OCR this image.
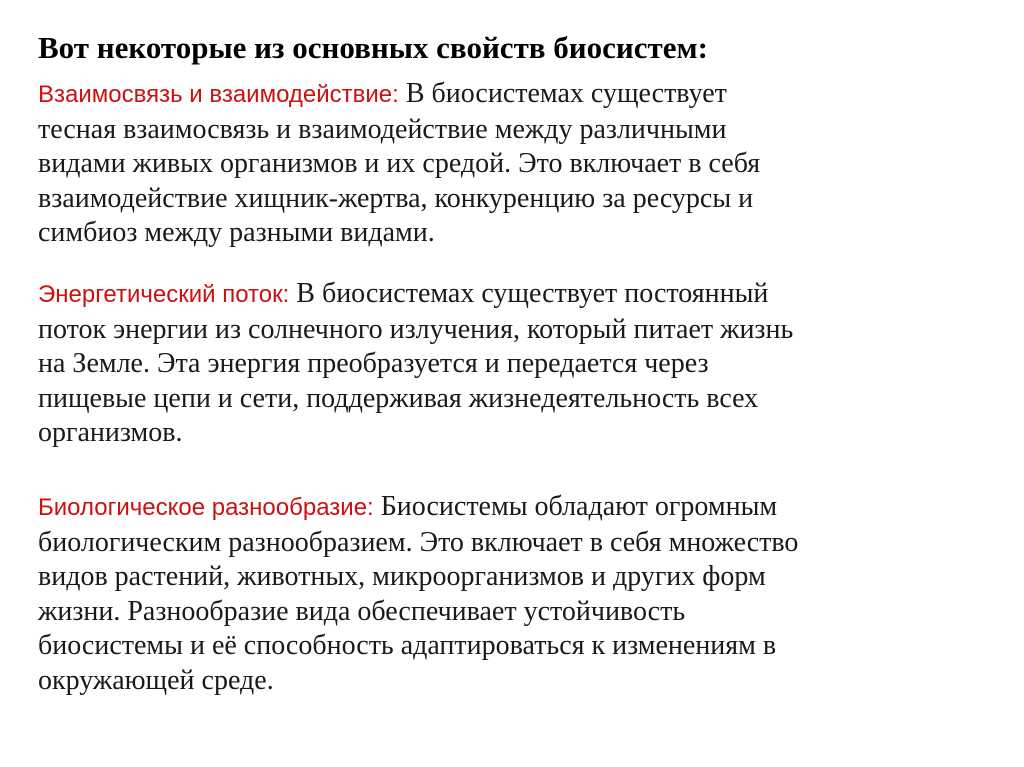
Вот некоторые из основных свойств биосистем:

Взаимосвязь и взаимодействие: В биосистемах существует
тесная взаимосвязь и взаимодействие между различными
видами живых организмов и их средой. Это включает в себя
взаимодействие хищник-жертва, конкуренцию за ресурсы и
симбиоз между разными видами.

Энергетический поток: В биосистемах существует постоянный
поток энергии из солнечного излучения, который питает жизнь
на Земле. Эта энергия преобразуется и передается через
пищевые цепи и сети, поддерживая жизнедеятельность всех
организмов.

Биологическое разнообразие: Биосистемы обладают огромным
биологическим разнообразием. Это включает в себя множество
видов растений, животных, микроорганизмов и других форм
жизни. Разнообразие вида обеспечивает устойчивость
биосистемы и её способность адаптироваться к изменениям в
окружающей среде.
